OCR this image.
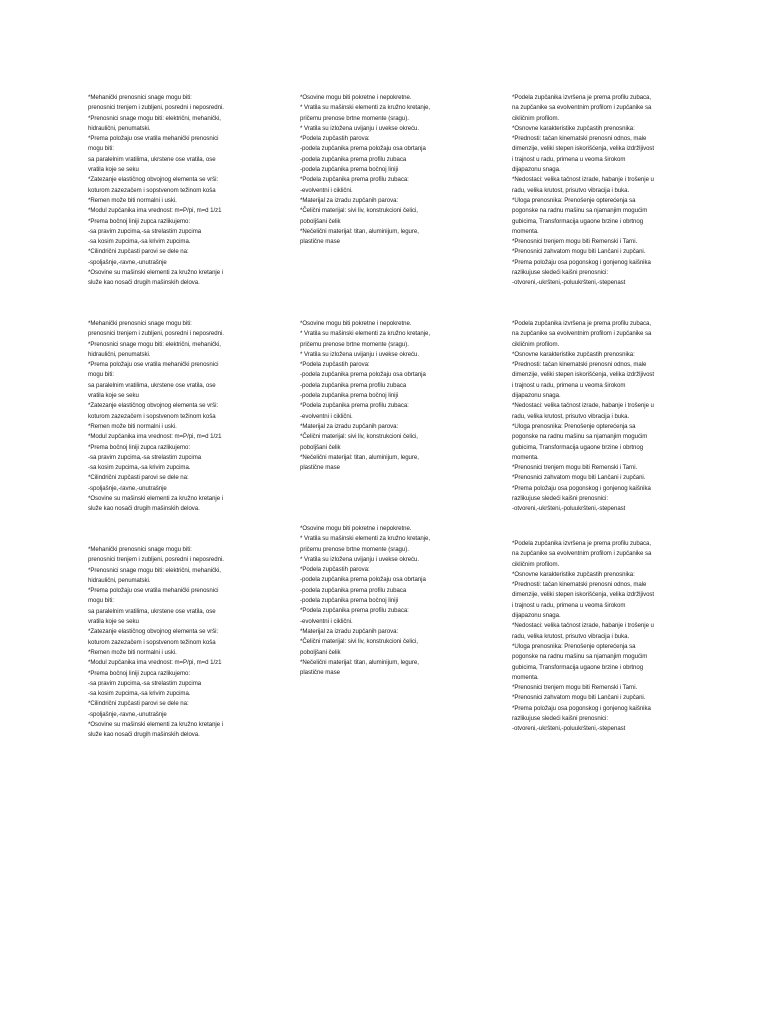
*Mehanički prenosnici snage mogu biti:
prenosnici trenjem i zubljeni, posredni i neposredni.
*Prenosnici snage mogu biti: električni, mehanički,
hidraulični, penumatski.
*Prema položaju ose vratila mehanički prenosnici
mogu biti:
sa paralelnim vratilima, ukrstene ose vratila, ose
vratila koje se seku
*Zatezanje elastičnog obvojnog elementa se vrši:
koturom zazezačem i sopstvenom težinom koša
*Remen može biti normalni i uski.
*Modul zupčanika ima vrednost: m=P/pi, m=d 1/z1
*Prema bočnoj liniji zupca razlikujemo:
-sa pravim zupcima,-sa strelastim zupcima
-sa kosim zupcima,-sa krivim zupcima.
*Cilindrični zupčasti parovi se dele na:
-spoljašnje,-ravne,-unutrašnje
*Osovine su mašinski elementi za kružno kretanje i
služe kao nosači drugih mašinskih delova.
*Osovine mogu biti pokretne i nepokretne.
* Vratila su mašinski elementi za kružno kretanje,
pričemu prenose brtne momente (sragu).
* Vratila su izložena uvijanju i uvekse okreću.
*Podela zupčastih parova:
-podela zupčanika prema položaju osa obrtanja
-podela zupčanika prema profilu zubaca
-podela zupčanika prema bočnoj liniji
*Podela zupčanika prema profilu zubaca:
-evolventni i ciklični.
*Materijal za izradu zupčanih parova:
*Čelični materijal: sivi liv, konstrukcioni čelici,
poboljšani čelik
*Nečelični materijal: titan, aluminijum, legure,
plastične mase
*Podela zupčanika izvršena je prema profilu zubaca,
na zupčanike sa evolventnim profilom i zupčanike sa
cikličnim profilom.
*Osnovne karakteristike zupčastih prenosnika:
*Prednosti: tačan kinematski prenosni odnos, male
dimenzije, veliki stepen iskorišćenja, velika izdržljivost
i trajnost u radu, primena u veoma širokom
dijapazonu snaga.
*Nedostaci: velika tačnost izrade, habanje i trošenje u
radu, velika krutost, prisutvo vibracija i buka.
*Uloga prenosnika: Prenošenje opterećenja sa
pogonske na radnu mašinu sa njamanjim mogućim
gubicima, Transformacija ugaone brzine i obrtnog
momenta.
*Prenosnici trenjem mogu biti Remenski i Tarni.
*Prenosnici zahvatom mogu biti Lančani i zupčani.
*Prema položaju osa pogonskog i gonjenog kaišnika
razlikujuse sledeći kaišni prenosnici:
-otvoreni,-ukršteni,-poluukršteni,-stepenast
*Mehanički prenosnici snage mogu biti:
prenosnici trenjem i zubljeni, posredni i neposredni.
*Prenosnici snage mogu biti: električni, mehanički,
hidraulični, penumatski.
*Prema položaju ose vratila mehanički prenosnici
mogu biti:
sa paralelnim vratilima, ukrstene ose vratila, ose
vratila koje se seku
*Zatezanje elastičnog obvojnog elementa se vrši:
koturom zazezačem i sopstvenom težinom koša
*Remen može biti normalni i uski.
*Modul zupčanika ima vrednost: m=P/pi, m=d 1/z1
*Prema bočnoj liniji zupca razlikujemo:
-sa pravim zupcima,-sa strelastim zupcima
-sa kosim zupcima,-sa krivim zupcima.
*Cilindrični zupčasti parovi se dele na:
-spoljašnje,-ravne,-unutrašnje
*Osovine su mašinski elementi za kružno kretanje i
služe kao nosači drugih mašinskih delova.
*Osovine mogu biti pokretne i nepokretne.
* Vratila su mašinski elementi za kružno kretanje,
pričemu prenose brtne momente (sragu).
* Vratila su izložena uvijanju i uvekse okreću.
*Podela zupčastih parova:
-podela zupčanika prema položaju osa obrtanja
-podela zupčanika prema profilu zubaca
-podela zupčanika prema bočnoj liniji
*Podela zupčanika prema profilu zubaca:
-evolventni i ciklični.
*Materijal za izradu zupčanih parova:
*Čelični materijal: sivi liv, konstrukcioni čelici,
poboljšani čelik
*Nečelični materijal: titan, aluminijum, legure,
plastične mase
*Podela zupčanika izvršena je prema profilu zubaca,
na zupčanike sa evolventnim profilom i zupčanike sa
cikličnim profilom.
*Osnovne karakteristike zupčastih prenosnika:
*Prednosti: tačan kinematski prenosni odnos, male
dimenzije, veliki stepen iskorišćenja, velika izdržljivost
i trajnost u radu, primena u veoma širokom
dijapazonu snaga.
*Nedostaci: velika tačnost izrade, habanje i trošenje u
radu, velika krutost, prisutvo vibracija i buka.
*Uloga prenosnika: Prenošenje opterećenja sa
pogonske na radnu mašinu sa njamanjim mogućim
gubicima, Transformacija ugaone brzine i obrtnog
momenta.
*Prenosnici trenjem mogu biti Remenski i Tarni.
*Prenosnici zahvatom mogu biti Lančani i zupčani.
*Prema položaju osa pogonskog i gonjenog kaišnika
razlikujuse sledeći kaišni prenosnici:
-otvoreni,-ukršteni,-poluukršteni,-stepenast
*Mehanički prenosnici snage mogu biti:
prenosnici trenjem i zubljeni, posredni i neposredni.
*Prenosnici snage mogu biti: električni, mehanički,
hidraulični, penumatski.
*Prema položaju ose vratila mehanički prenosnici
mogu biti:
sa paralelnim vratilima, ukrstene ose vratila, ose
vratila koje se seku
*Zatezanje elastičnog obvojnog elementa se vrši:
koturom zazezačem i sopstvenom težinom koša
*Remen može biti normalni i uski.
*Modul zupčanika ima vrednost: m=P/pi, m=d 1/z1
*Prema bočnoj liniji zupca razlikujemo:
-sa pravim zupcima,-sa strelastim zupcima
-sa kosim zupcima,-sa krivim zupcima.
*Cilindrični zupčasti parovi se dele na:
-spoljašnje,-ravne,-unutrašnje
*Osovine su mašinski elementi za kružno kretanje i
služe kao nosači drugih mašinskih delova.
*Osovine mogu biti pokretne i nepokretne.
* Vratila su mašinski elementi za kružno kretanje,
pričemu prenose brtne momente (sragu).
* Vratila su izložena uvijanju i uvekse okreću.
*Podela zupčastih parova:
-podela zupčanika prema položaju osa obrtanja
-podela zupčanika prema profilu zubaca
-podela zupčanika prema bočnoj liniji
*Podela zupčanika prema profilu zubaca:
-evolventni i ciklični.
*Materijal za izradu zupčanih parova:
*Čelični materijal: sivi liv, konstrukcioni čelici,
poboljšani čelik
*Nečelični materijal: titan, aluminijum, legure,
plastične mase
*Podela zupčanika izvršena je prema profilu zubaca,
na zupčanike sa evolventnim profilom i zupčanike sa
cikličnim profilom.
*Osnovne karakteristike zupčastih prenosnika:
*Prednosti: tačan kinematski prenosni odnos, male
dimenzije, veliki stepen iskorišćenja, velika izdržljivost
i trajnost u radu, primena u veoma širokom
dijapazonu snaga.
*Nedostaci: velika tačnost izrade, habanje i trošenje u
radu, velika krutost, prisutvo vibracija i buka.
*Uloga prenosnika: Prenošenje opterećenja sa
pogonske na radnu mašinu sa njamanjim mogućim
gubicima, Transformacija ugaone brzine i obrtnog
momenta.
*Prenosnici trenjem mogu biti Remenski i Tarni.
*Prenosnici zahvatom mogu biti Lančani i zupčani.
*Prema položaju osa pogonskog i gonjenog kaišnika
razlikujuse sledeći kaišni prenosnici:
-otvoreni,-ukršteni,-poluukršteni,-stepenast
